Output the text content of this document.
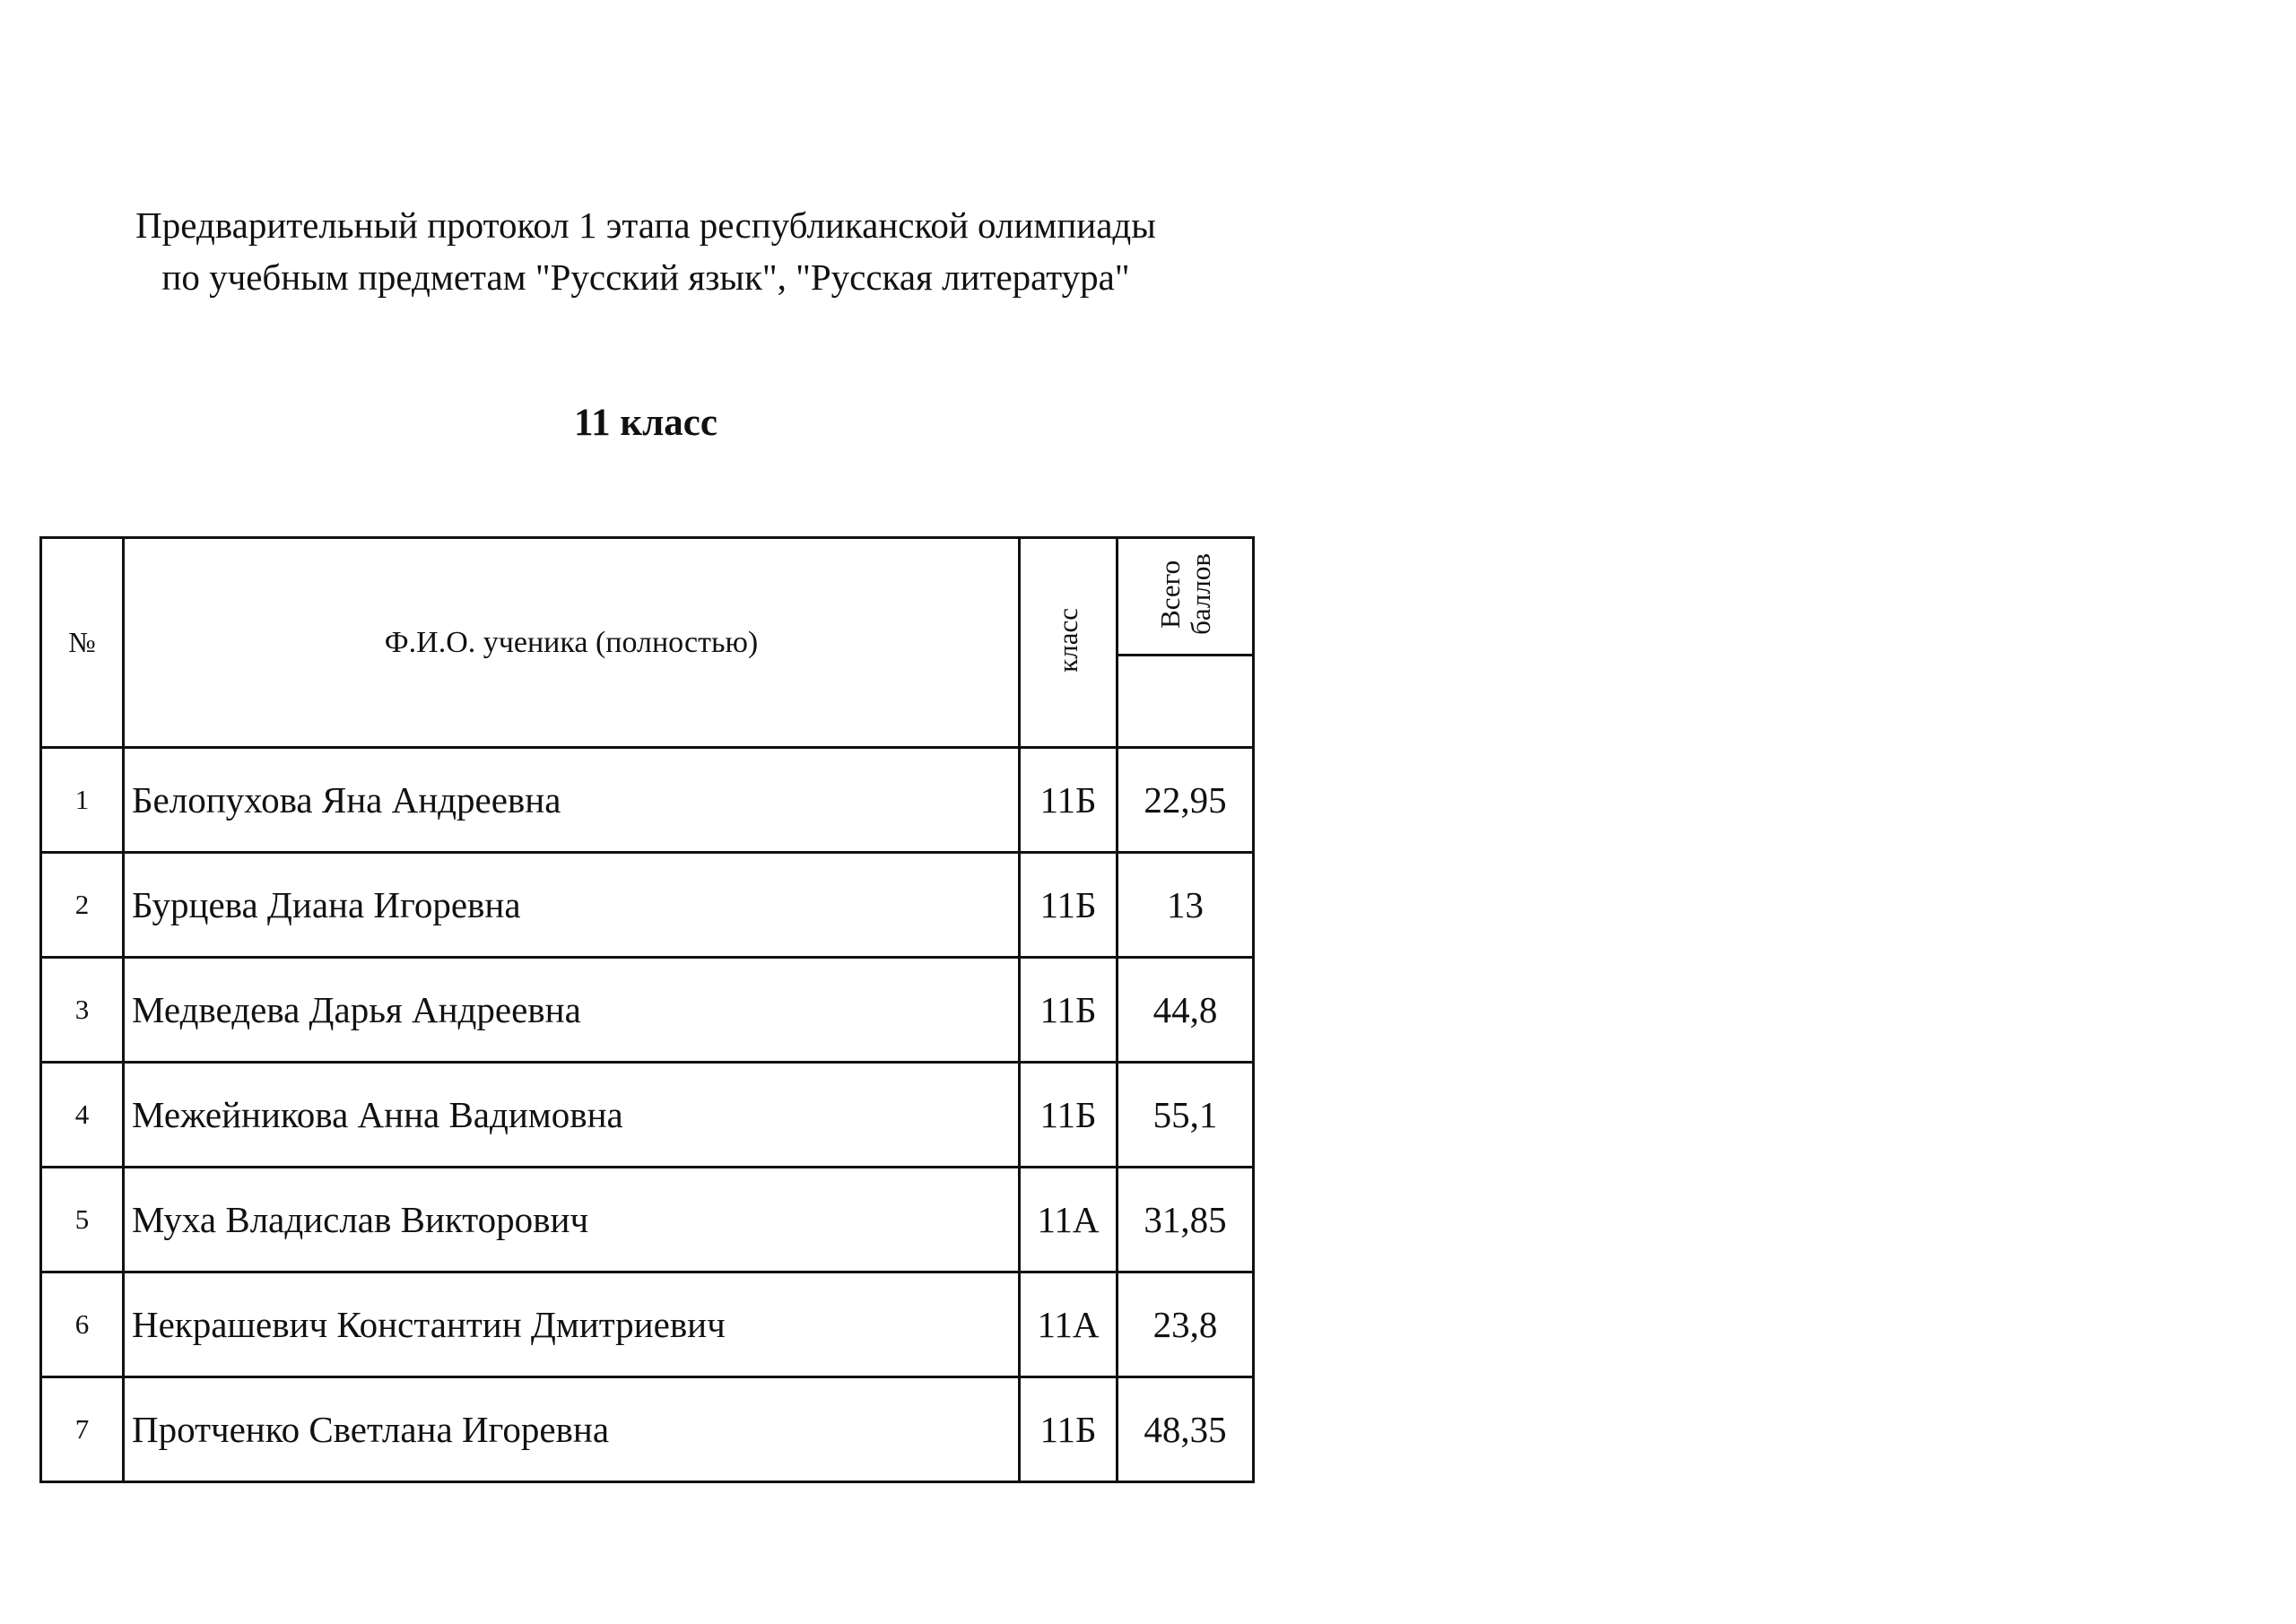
Предварительный протокол 1 этапа республиканской олимпиады
по учебным предметам "Русский язык", "Русская литература"
11 класс
№	Ф.И.О. ученика (полностью)	класс	Всего
баллов

1	Белопухова Яна Андреевна	11Б	22,95
2	Бурцева Диана Игоревна	11Б	13
3	Медведева Дарья Андреевна	11Б	44,8
4	Межейникова Анна Вадимовна	11Б	55,1
5	Муха Владислав Викторович	11А	31,85
6	Некрашевич Константин Дмитриевич	11А	23,8
7	Протченко Светлана Игоревна	11Б	48,35
